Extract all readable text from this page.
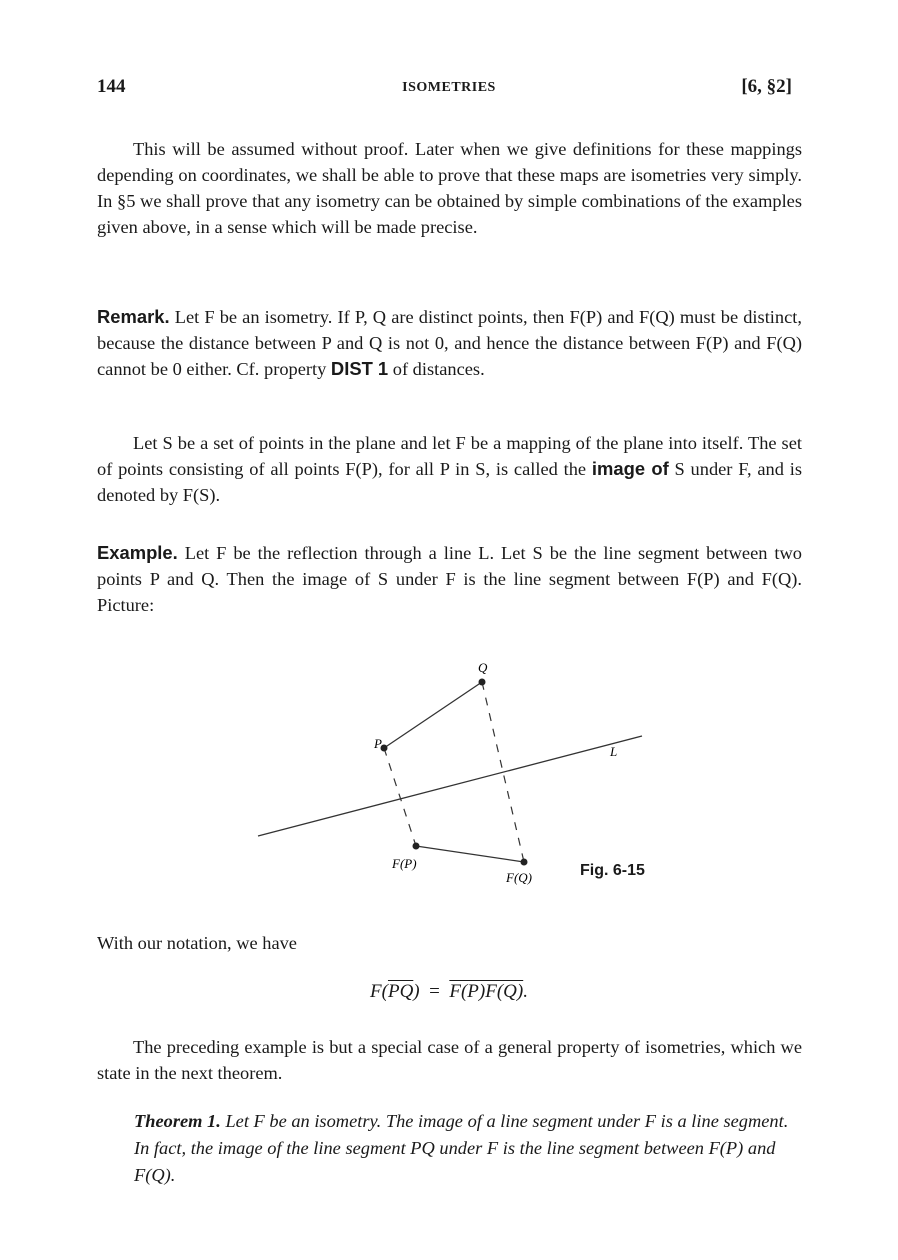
144	ISOMETRIES	[6, §2]

This will be assumed without proof. Later when we give definitions for these mappings depending on coordinates, we shall be able to prove that these maps are isometries very simply. In §5 we shall prove that any isometry can be obtained by simple combinations of the examples given above, in a sense which will be made precise.

Remark. Let F be an isometry. If P, Q are distinct points, then F(P) and F(Q) must be distinct, because the distance between P and Q is not 0, and hence the distance between F(P) and F(Q) cannot be 0 either. Cf. property DIST 1 of distances.

Let S be a set of points in the plane and let F be a mapping of the plane into itself. The set of points consisting of all points F(P), for all P in S, is called the image of S under F, and is denoted by F(S).

Example. Let F be the reflection through a line L. Let S be the line segment between two points P and Q. Then the image of S under F is the line segment between F(P) and F(Q). Picture:

Q
P
L
F(P)
F(Q)	Fig. 6-15

With our notation, we have

$F(\overline{PQ}) = F(P)F(Q)$.

The preceding example is but a special case of a general property of isometries, which we state in the next theorem.

Theorem 1. Let F be an isometry. The image of a line segment under F is a line segment. In fact, the image of the line segment PQ under F is the line segment between F(P) and F(Q).
